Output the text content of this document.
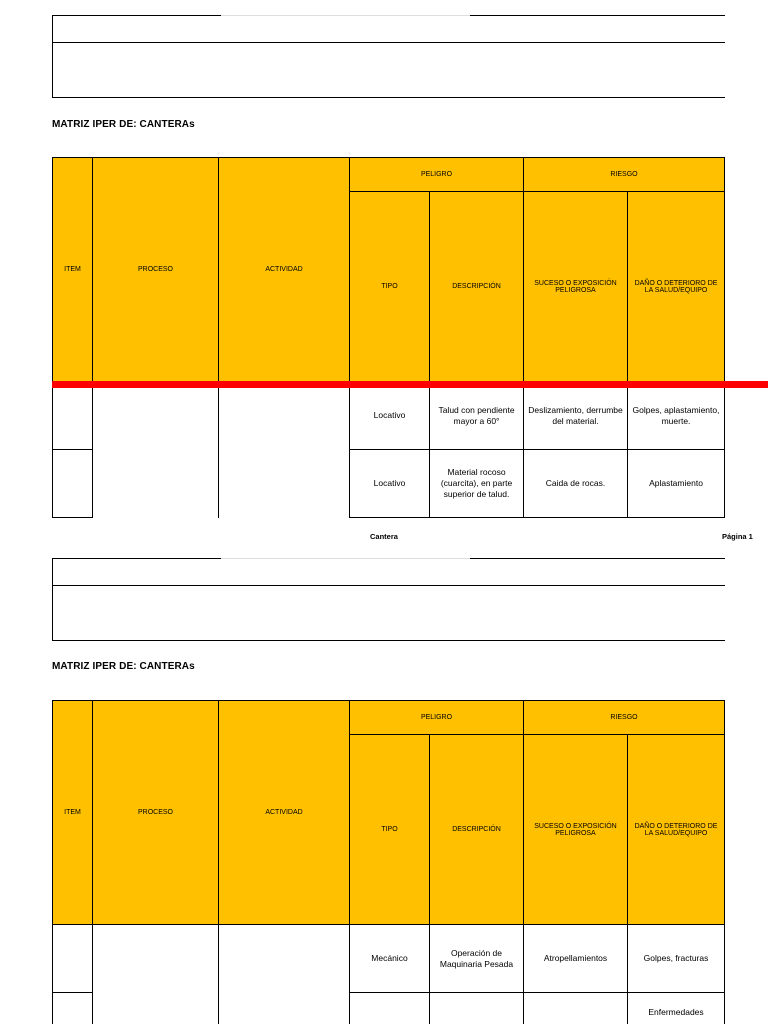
MATRIZ IPER DE: CANTERAs
ITEM	PROCESO	ACTIVIDAD	PELIGRO		RIESGO	
			TIPO	DESCRIPCIÓN	SUCESO O EXPOSICIÓN PELIGROSA	DAÑO O DETERIORO DE LA SALUD/EQUIPO
			Locativo	Talud con pendiente mayor a 60°	Deslizamiento, derrumbe del material.	Golpes, aplastamiento, muerte.
			Locativo	Material rocoso (cuarcita), en parte superior de talud.	Caida de rocas.	Aplastamiento
Cantera	Página 1
MATRIZ IPER DE: CANTERAs
ITEM	PROCESO	ACTIVIDAD	PELIGRO		RIESGO	
			TIPO	DESCRIPCIÓN	SUCESO O EXPOSICIÓN PELIGROSA	DAÑO O DETERIORO DE LA SALUD/EQUIPO
			Mecánico	Operación de Maquinaria Pesada	Atropellamientos	Golpes, fracturas
						Enfermedades
